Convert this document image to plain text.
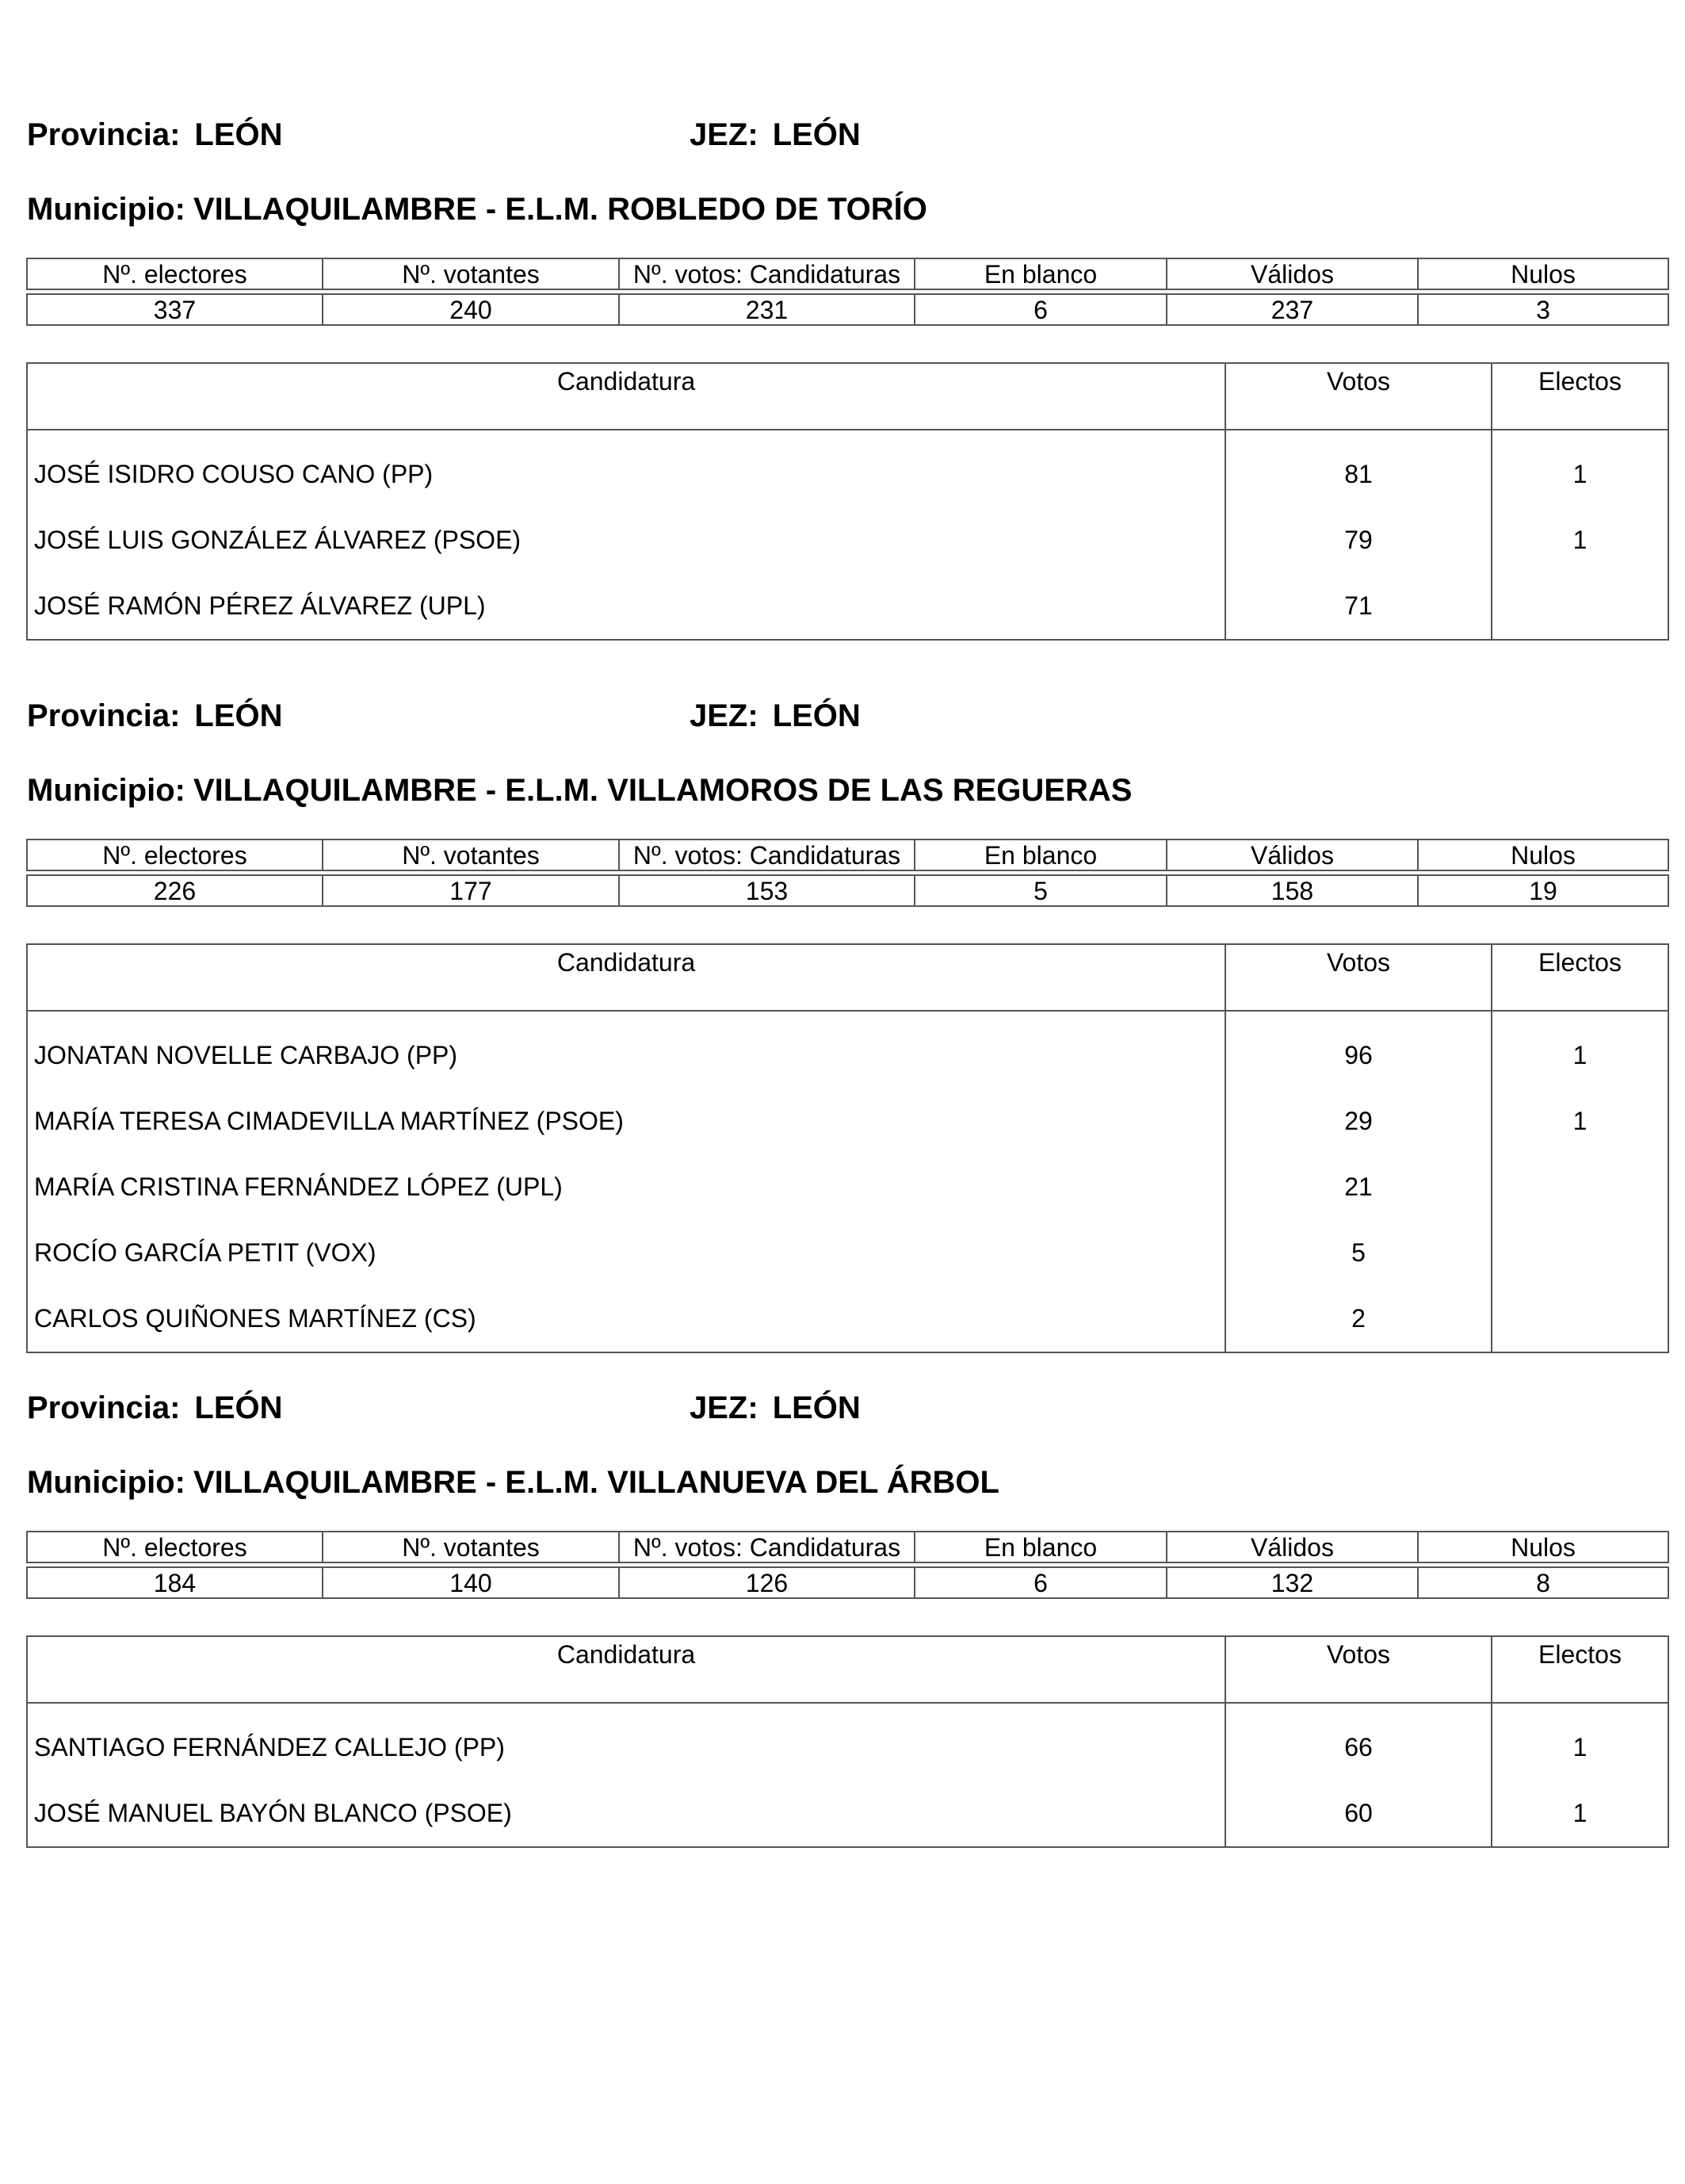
Provincia: LEÓN	JEZ: LEÓN
Municipio: VILLAQUILAMBRE - E.L.M. ROBLEDO DE TORÍO
Nº. electores	Nº. votantes	Nº. votos: Candidaturas	En blanco	Válidos	Nulos

337	240	231	6	237	3
Candidatura	Votos	Electos
JOSÉ ISIDRO COUSO CANO (PP)	81	1
JOSÉ LUIS GONZÁLEZ ÁLVAREZ (PSOE)	79	1
JOSÉ RAMÓN PÉREZ ÁLVAREZ (UPL)	71	
Provincia: LEÓN	JEZ: LEÓN
Municipio: VILLAQUILAMBRE - E.L.M. VILLAMOROS DE LAS REGUERAS
Nº. electores	Nº. votantes	Nº. votos: Candidaturas	En blanco	Válidos	Nulos

226	177	153	5	158	19
Candidatura	Votos	Electos
JONATAN NOVELLE CARBAJO (PP)	96	1
MARÍA TERESA CIMADEVILLA MARTÍNEZ (PSOE)	29	1
MARÍA CRISTINA FERNÁNDEZ LÓPEZ (UPL)	21	
ROCÍO GARCÍA PETIT (VOX)	5	
CARLOS QUIÑONES MARTÍNEZ (CS)	2	
Provincia: LEÓN	JEZ: LEÓN
Municipio: VILLAQUILAMBRE - E.L.M. VILLANUEVA DEL ÁRBOL
Nº. electores	Nº. votantes	Nº. votos: Candidaturas	En blanco	Válidos	Nulos

184	140	126	6	132	8
Candidatura	Votos	Electos
SANTIAGO FERNÁNDEZ CALLEJO (PP)	66	1
JOSÉ MANUEL BAYÓN BLANCO (PSOE)	60	1
